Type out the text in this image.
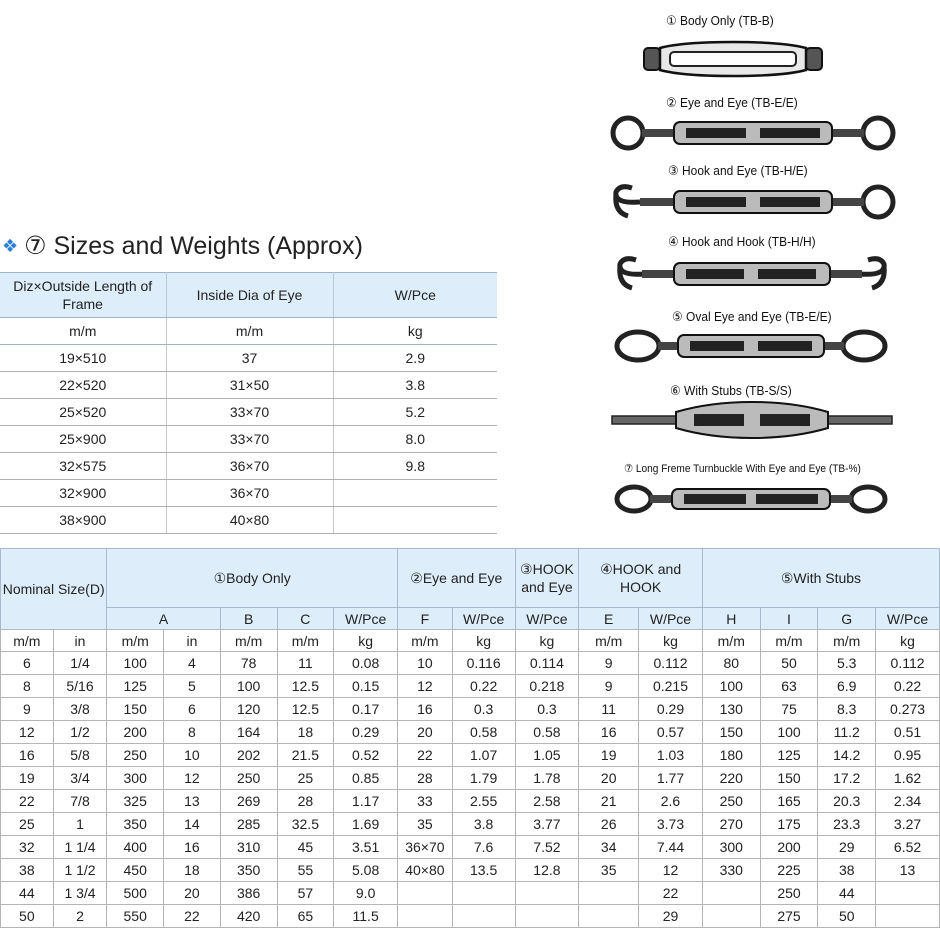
❖ ⑦ Sizes and Weights (Approx)
Diz×Outside Length of Frame	Inside Dia of Eye	W/Pce
m/m	m/m	kg
19×510	37	2.9
22×520	31×50	3.8
25×520	33×70	5.2
25×900	33×70	8.0
32×575	36×70	9.8
32×900	36×70	
38×900	40×80	
① Body Only (TB-B)
② Eye and Eye (TB-E/E)
③ Hook and Eye (TB-H/E)
④ Hook and Hook (TB-H/H)
⑤ Oval Eye and Eye (TB-E/E)
⑥ With Stubs (TB-S/S)
⑦ Long Freme Turnbuckle With Eye and Eye (TB-%)
Nominal Size(D)		①Body Only					②Eye and Eye		③HOOK and Eye	④HOOK and HOOK		⑤With Stubs			
		A		B	C	W/Pce	F	W/Pce	W/Pce	E	W/Pce	H	I	G	W/Pce
m/m	in	m/m	in	m/m	m/m	kg	m/m	kg	kg	m/m	kg	m/m	m/m	m/m	kg
6	1/4	100	4	78	11	0.08	10	0.116	0.114	9	0.112	80	50	5.3	0.112
8	5/16	125	5	100	12.5	0.15	12	0.22	0.218	9	0.215	100	63	6.9	0.22
9	3/8	150	6	120	12.5	0.17	16	0.3	0.3	11	0.29	130	75	8.3	0.273
12	1/2	200	8	164	18	0.29	20	0.58	0.58	16	0.57	150	100	11.2	0.51
16	5/8	250	10	202	21.5	0.52	22	1.07	1.05	19	1.03	180	125	14.2	0.95
19	3/4	300	12	250	25	0.85	28	1.79	1.78	20	1.77	220	150	17.2	1.62
22	7/8	325	13	269	28	1.17	33	2.55	2.58	21	2.6	250	165	20.3	2.34
25	1	350	14	285	32.5	1.69	35	3.8	3.77	26	3.73	270	175	23.3	3.27
32	1 1/4	400	16	310	45	3.51	36×70	7.6	7.52	34	7.44	300	200	29	6.52
38	1 1/2	450	18	350	55	5.08	40×80	13.5	12.8	35	12	330	225	38	13
44	1 3/4	500	20	386	57	9.0					22		250	44	
50	2	550	22	420	65	11.5					29		275	50	
